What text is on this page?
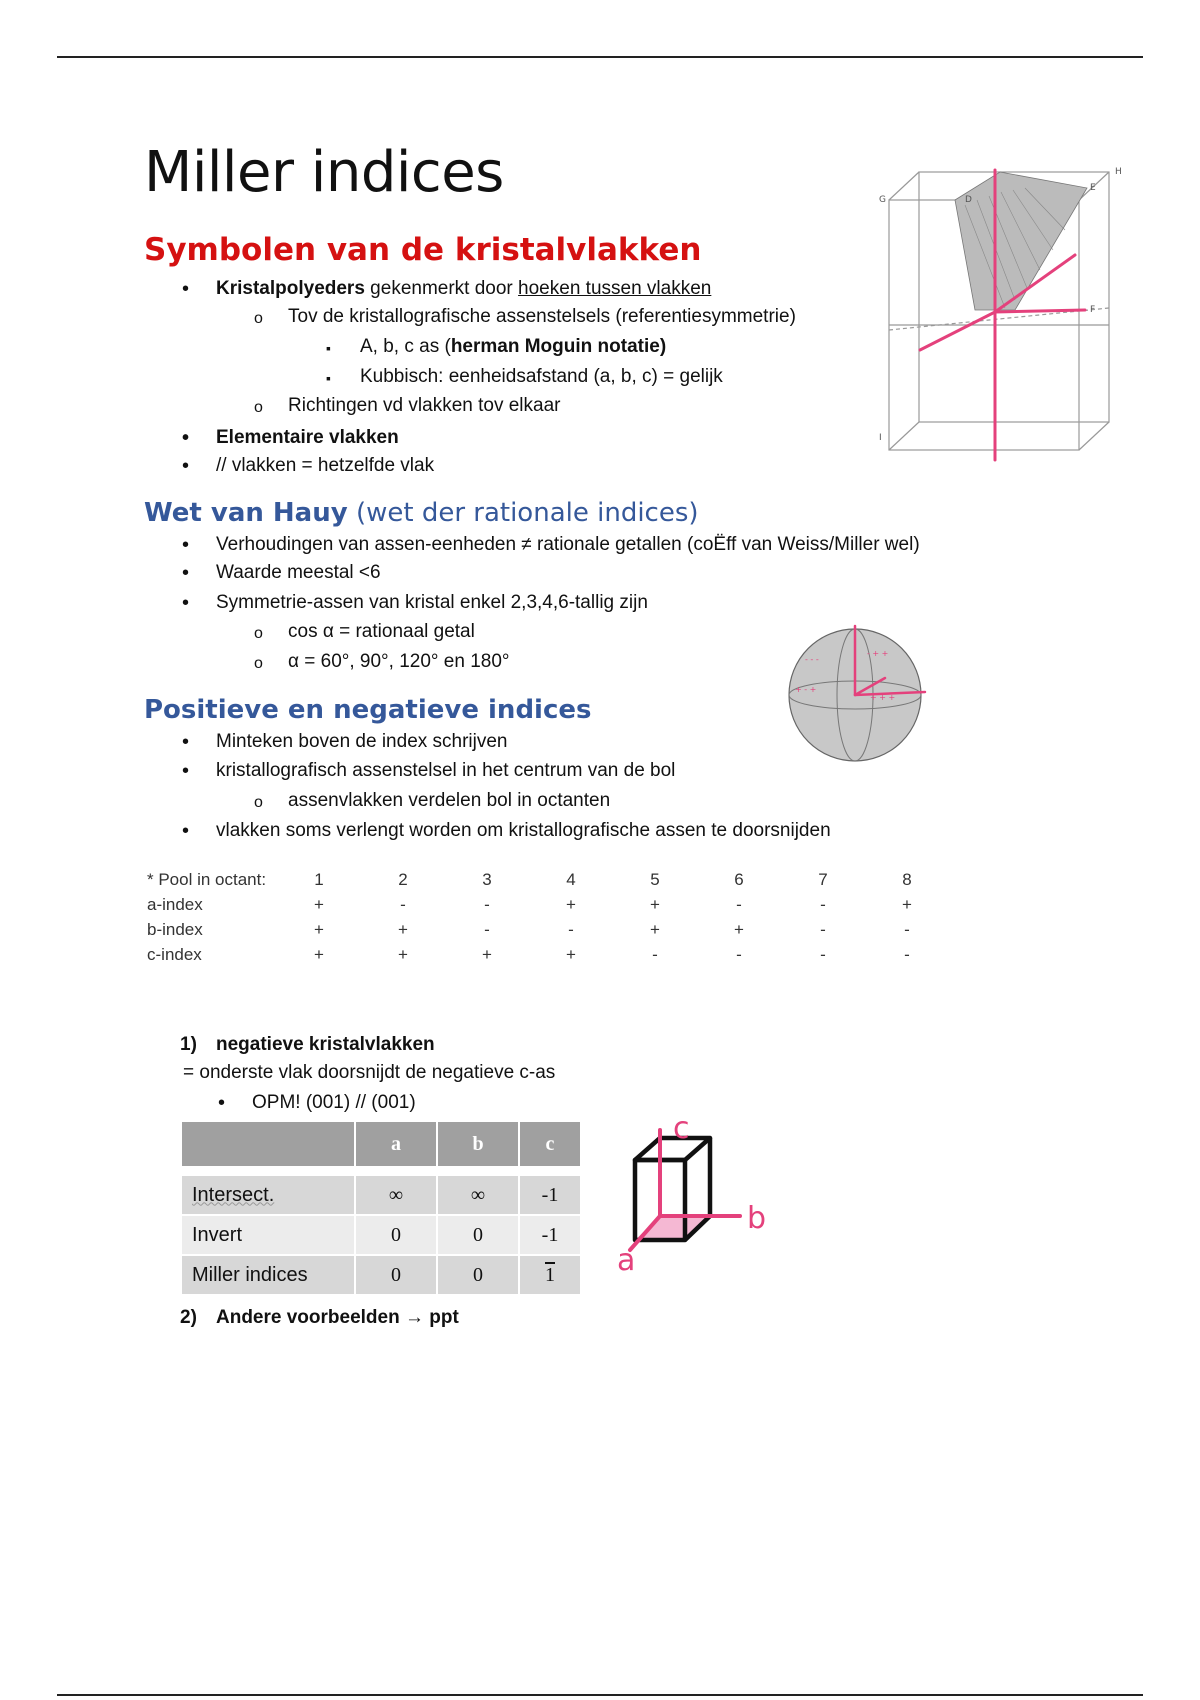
Miller indices
Symbolen van de kristalvlakken
• Kristalpolyeders gekenmerkt door hoeken tussen vlakken
o Tov de kristallografische assenstelsels (referentiesymmetrie)
▪ A, b, c as (herman Moguin notatie)
▪ Kubbisch: eenheidsafstand (a, b, c) = gelijk
o Richtingen vd vlakken tov elkaar
• Elementaire vlakken
• // vlakken = hetzelfde vlak
G	D
E
H
F
I
Wet van Hauy (wet der rationale indices)
• Verhoudingen van assen-eenheden ≠ rationale getallen (coËff van Weiss/Miller wel)
• Waarde meestal <6
• Symmetrie-assen van kristal enkel 2,3,4,6-tallig zijn
o cos α = rationaal getal
o α = 60°, 90°, 120° en 180°	- - -
- + +
+ - +
+ + +
Positieve en negatieve indices
• Minteken boven de index schrijven
• kristallografisch assenstelsel in het centrum van de bol
o assenvlakken verdelen bol in octanten
• vlakken soms verlengt worden om kristallografische assen te doorsnijden
* Pool in octant:	1	2	3	4	5	6	7	8
a-index	+	-	-	+	+	-	-	+
b-index	+	+	-	-	+	+	-	-
c-index	+	+	+	+	-	-	-	-
1) negatieve kristalvlakken
= onderste vlak doorsnijdt de negatieve c-as
• OPM! (001) // (001)
	a	b	c

Intersect.	∞	∞	-1
Invert	0	0	-1
Miller indices	0	0	1
c
b
a
2) Andere voorbeelden → ppt
